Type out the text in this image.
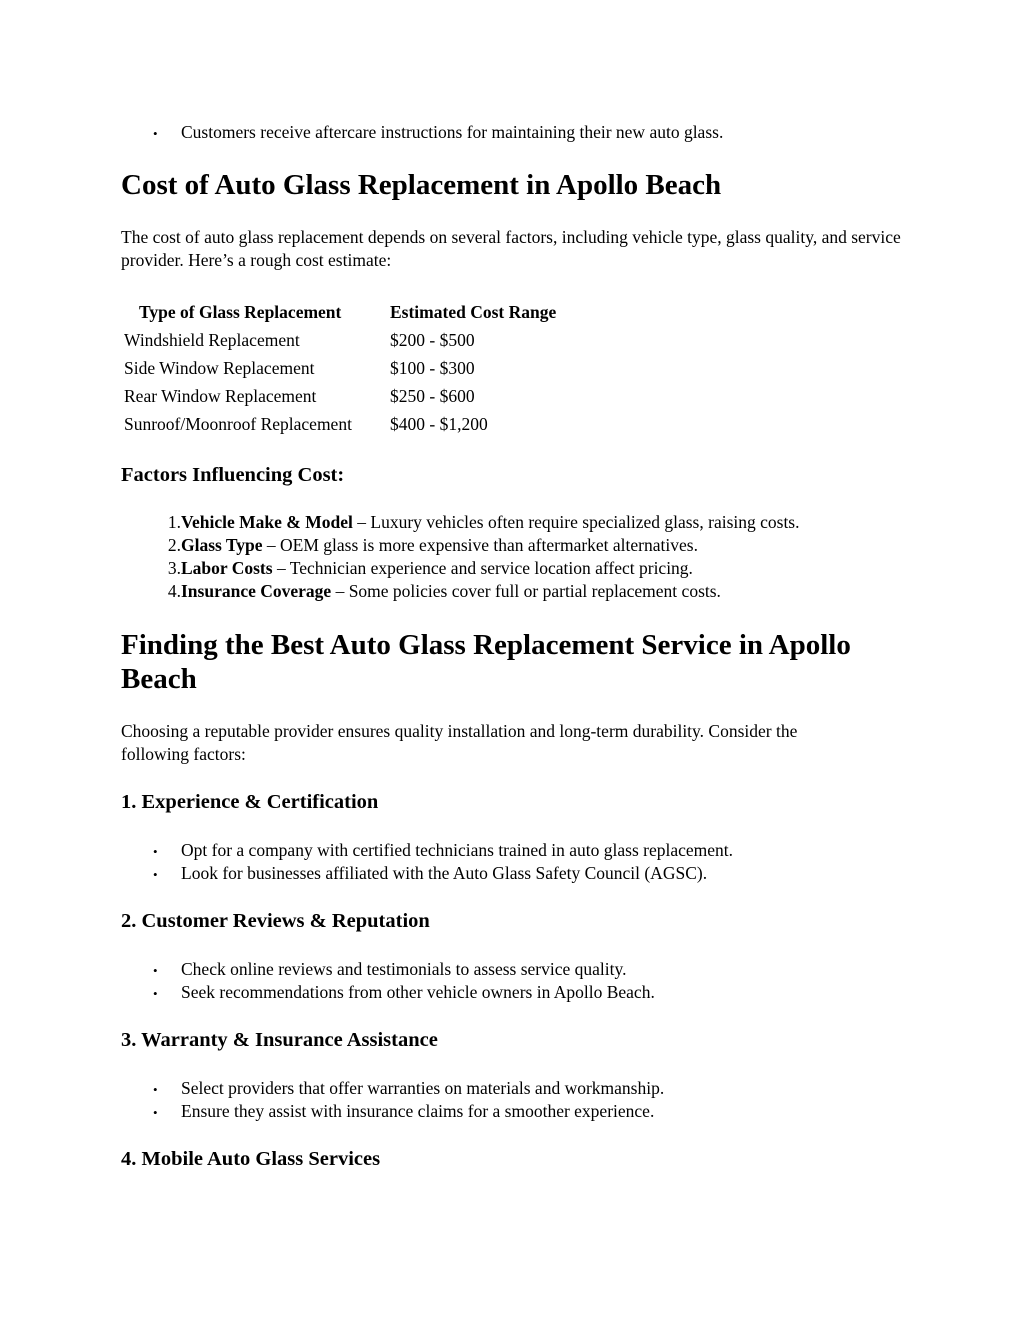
• Customers receive aftercare instructions for maintaining their new auto glass.
Cost of Auto Glass Replacement in Apollo Beach

The cost of auto glass replacement depends on several factors, including vehicle type, glass quality, and service provider. Here’s a rough cost estimate:

Type of Glass Replacement	Estimated Cost Range
Windshield Replacement	$200 - $500
Side Window Replacement	$100 - $300
Rear Window Replacement	$250 - $600
Sunroof/Moonroof Replacement	$400 - $1,200
Factors Influencing Cost:
1. Vehicle Make & Model – Luxury vehicles often require specialized glass, raising costs.
2. Glass Type – OEM glass is more expensive than aftermarket alternatives.
3. Labor Costs – Technician experience and service location affect pricing.
4. Insurance Coverage – Some policies cover full or partial replacement costs.
Finding the Best Auto Glass Replacement Service in Apollo
Beach

Choosing a reputable provider ensures quality installation and long-term durability. Consider the

following factors:

1. Experience & Certification
• Opt for a company with certified technicians trained in auto glass replacement.
• Look for businesses affiliated with the Auto Glass Safety Council (AGSC).
2. Customer Reviews & Reputation
• Check online reviews and testimonials to assess service quality.
• Seek recommendations from other vehicle owners in Apollo Beach.
3. Warranty & Insurance Assistance
• Select providers that offer warranties on materials and workmanship.
• Ensure they assist with insurance claims for a smoother experience.
4. Mobile Auto Glass Services
